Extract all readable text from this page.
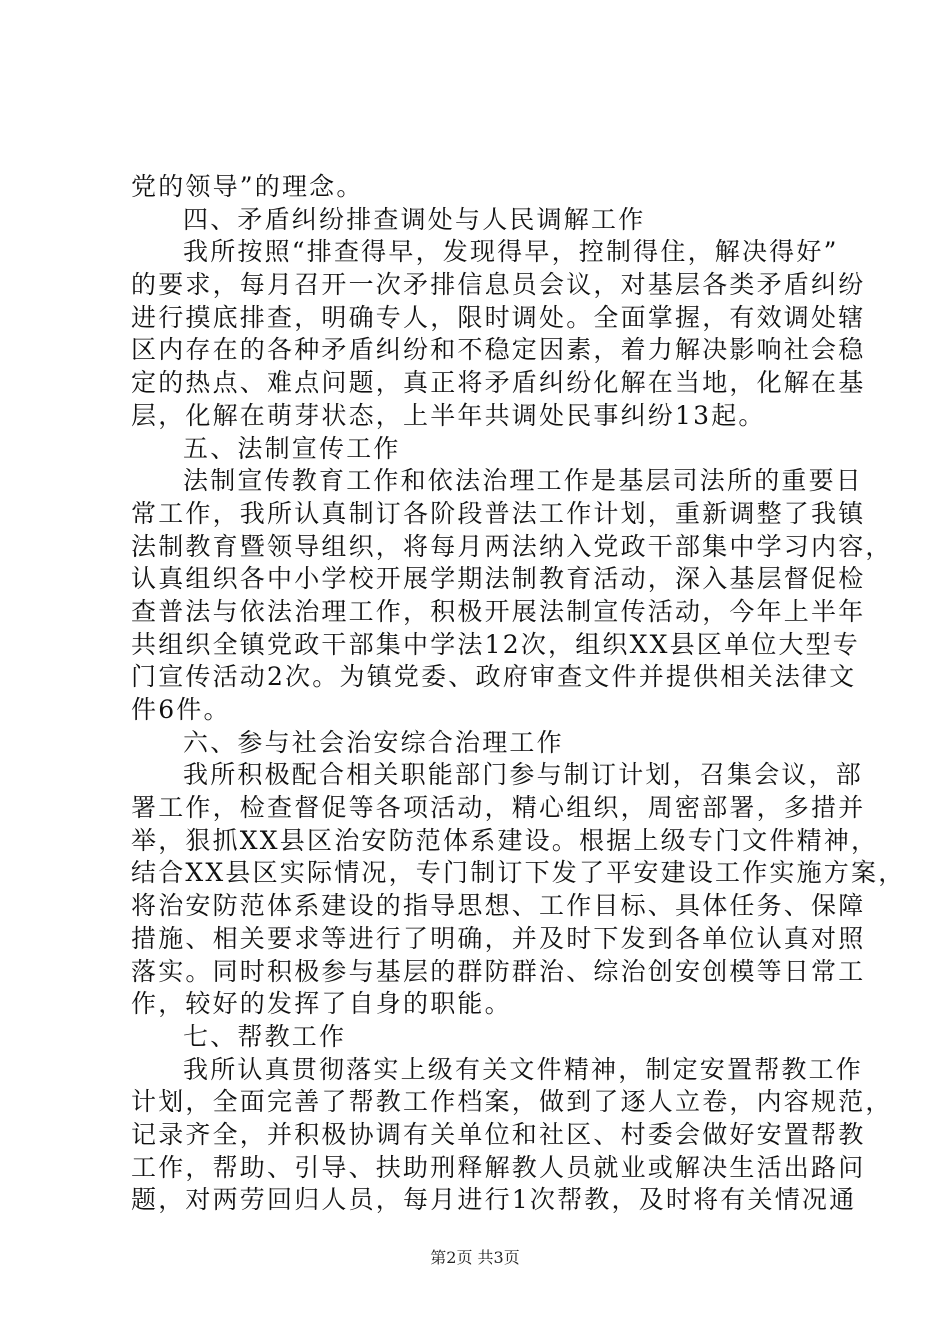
党的领导”的理念。
四、矛盾纠纷排查调处与人民调解工作
我所按照“排查得早，发现得早，控制得住，解决得好”
的要求，每月召开一次矛排信息员会议，对基层各类矛盾纠纷
进行摸底排查，明确专人，限时调处。全面掌握，有效调处辖
区内存在的各种矛盾纠纷和不稳定因素，着力解决影响社会稳
定的热点、难点问题，真正将矛盾纠纷化解在当地，化解在基
层，化解在萌芽状态，上半年共调处民事纠纷13起。
五、法制宣传工作
法制宣传教育工作和依法治理工作是基层司法所的重要日
常工作，我所认真制订各阶段普法工作计划，重新调整了我镇
法制教育暨领导组织，将每月两法纳入党政干部集中学习内容，
认真组织各中小学校开展学期法制教育活动，深入基层督促检
查普法与依法治理工作，积极开展法制宣传活动，今年上半年
共组织全镇党政干部集中学法12次，组织XX县区单位大型专
门宣传活动2次。为镇党委、政府审查文件并提供相关法律文
件6件。
六、参与社会治安综合治理工作
我所积极配合相关职能部门参与制订计划，召集会议，部
署工作，检查督促等各项活动，精心组织，周密部署，多措并
举，狠抓XX县区治安防范体系建设。根据上级专门文件精神，
结合XX县区实际情况，专门制订下发了平安建设工作实施方案，
将治安防范体系建设的指导思想、工作目标、具体任务、保障
措施、相关要求等进行了明确，并及时下发到各单位认真对照
落实。同时积极参与基层的群防群治、综治创安创模等日常工
作，较好的发挥了自身的职能。
七、帮教工作
我所认真贯彻落实上级有关文件精神，制定安置帮教工作
计划，全面完善了帮教工作档案，做到了逐人立卷，内容规范，
记录齐全，并积极协调有关单位和社区、村委会做好安置帮教
工作，帮助、引导、扶助刑释解教人员就业或解决生活出路问
题，对两劳回归人员，每月进行1次帮教，及时将有关情况通
第2页 共3页
